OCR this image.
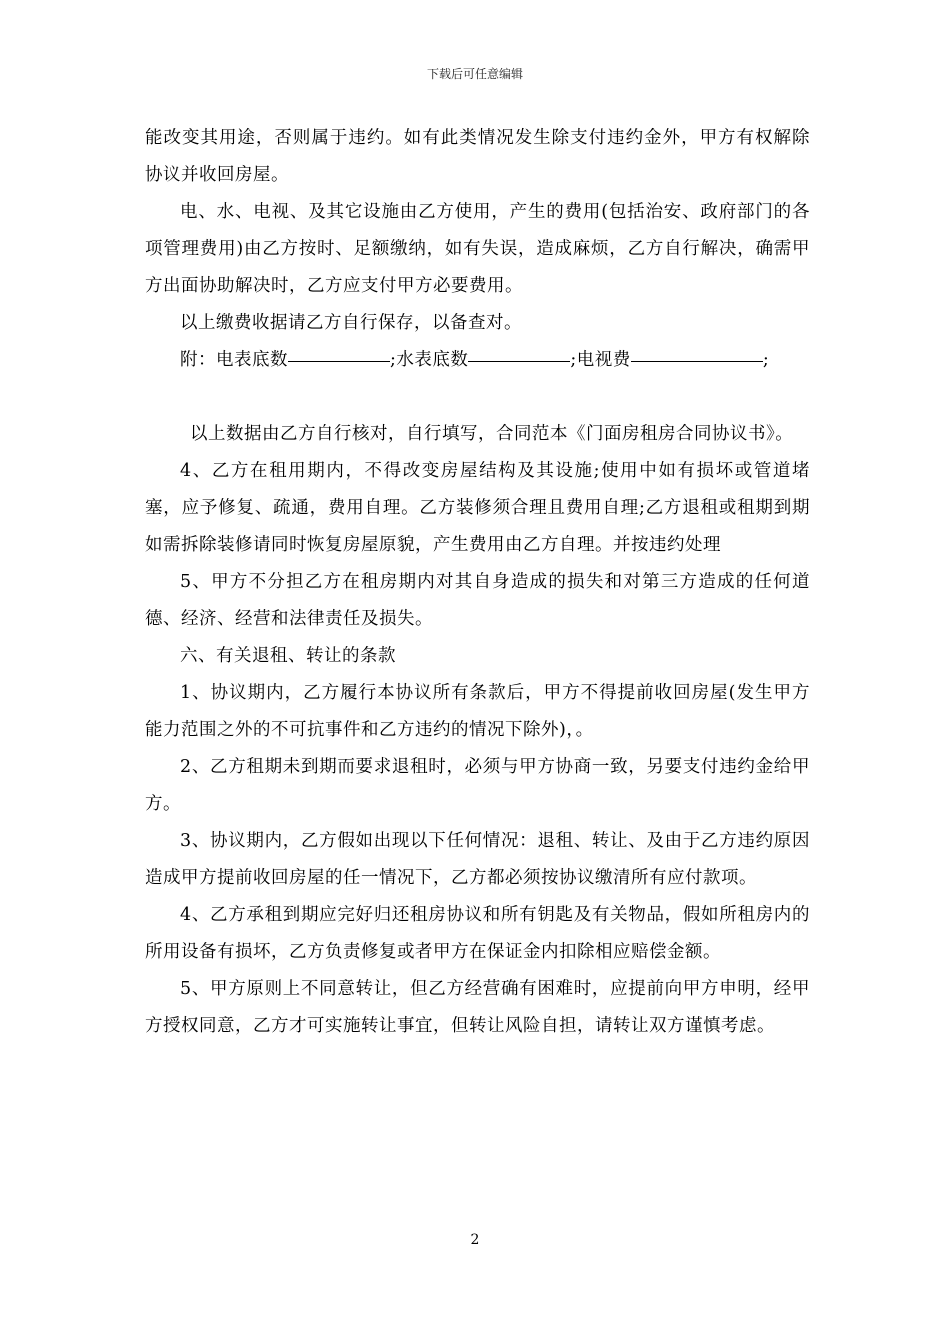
下载后可任意编辑

能改变其用途，否则属于违约。如有此类情况发生除支付违约金外，甲方有权解除协议并收回房屋。

电、水、电视、及其它设施由乙方使用，产生的费用(包括治安、政府部门的各项管理费用)由乙方按时、足额缴纳，如有失误，造成麻烦，乙方自行解决，确需甲方出面协助解决时，乙方应支付甲方必要费用。

以上缴费收据请乙方自行保存，以备查对。

附：电表底数	;水表底数	;电视费	;

以上数据由乙方自行核对，自行填写，合同范本《门面房租房合同协议书》。

4、乙方在租用期内，不得改变房屋结构及其设施;使用中如有损坏或管道堵塞，应予修复、疏通，费用自理。乙方装修须合理且费用自理;乙方退租或租期到期如需拆除装修请同时恢复房屋原貌，产生费用由乙方自理。并按违约处理

5、甲方不分担乙方在租房期内对其自身造成的损失和对第三方造成的任何道德、经济、经营和法律责任及损失。

六、有关退租、转让的条款

1、协议期内，乙方履行本协议所有条款后，甲方不得提前收回房屋(发生甲方能力范围之外的不可抗事件和乙方违约的情况下除外)，。

2、乙方租期未到期而要求退租时，必须与甲方协商一致，另要支付违约金给甲方。

3、协议期内，乙方假如出现以下任何情况：退租、转让、及由于乙方违约原因造成甲方提前收回房屋的任一情况下，乙方都必须按协议缴清所有应付款项。

4、乙方承租到期应完好归还租房协议和所有钥匙及有关物品，假如所租房内的所用设备有损坏，乙方负责修复或者甲方在保证金内扣除相应赔偿金额。

5、甲方原则上不同意转让，但乙方经营确有困难时，应提前向甲方申明，经甲方授权同意，乙方才可实施转让事宜，但转让风险自担，请转让双方谨慎考虑。

2
